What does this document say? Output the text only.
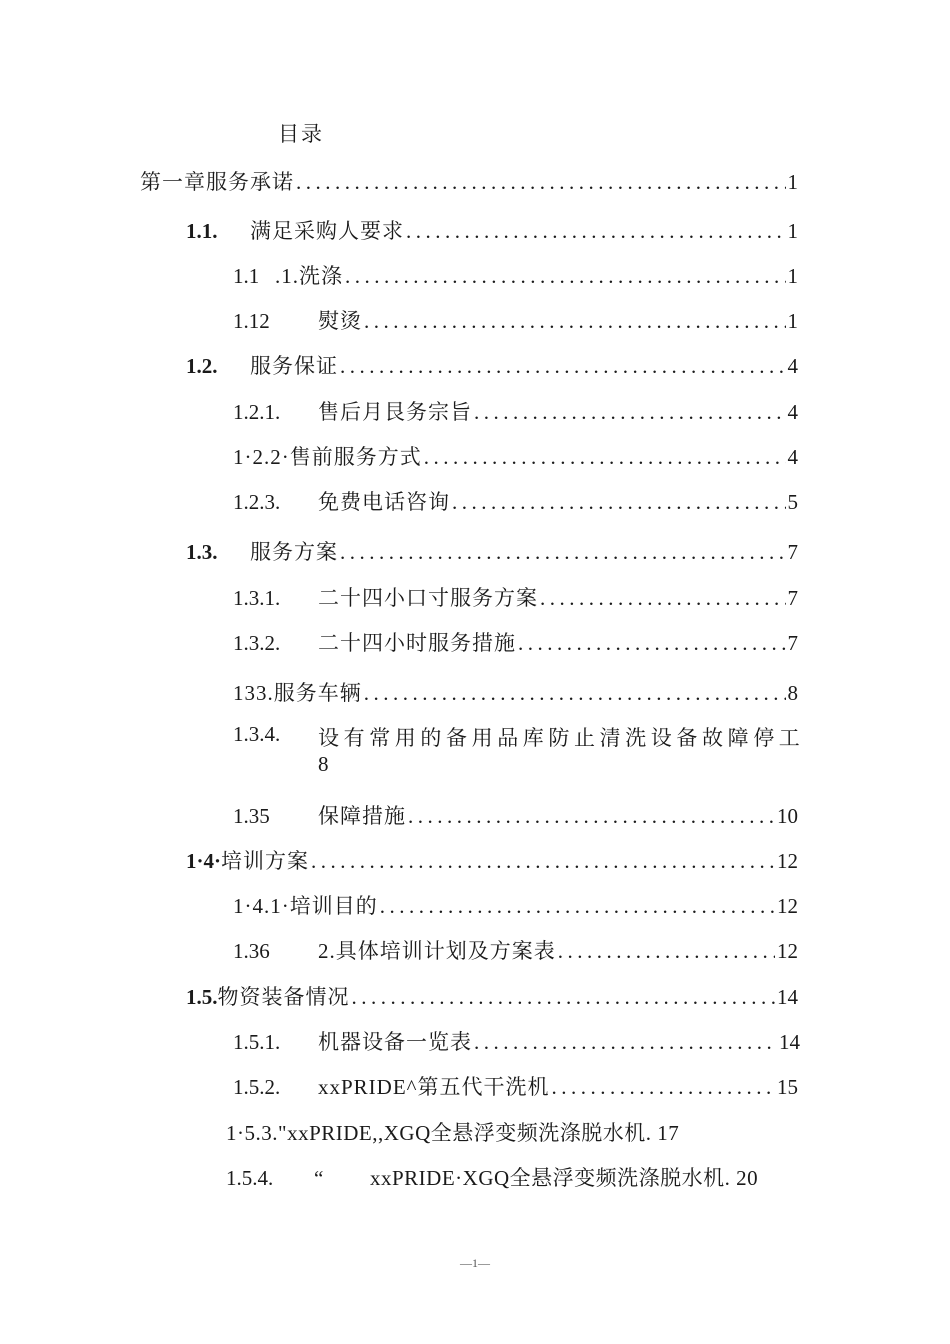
目录
第一章服务承诺 .....	1
1.1.	满足采购人要求 .....	1
1.1 .1.洗涤 .....	1
1.12	熨烫 .....	1
1.2.	服务保证 .....	4
1.2.1.	售后月艮务宗旨 .....	4
1·2.2·售前服务方式 .....	4
1.2.3.	免费电话咨询 .....	5
1.3.	服务方案 .....	7
1.3.1.	二十四小口寸服务方案 .....	7
1.3.2.	二十四小时服务措施 .....	7
133.服务车辆 .....	8
1.3.4. 设有常用的备用品库防止清洗设备故障停工
8
1.35	保障措施 .....	10
1·4· 培训方案 .....	12
1·4.1·培训目的 .....	12
1.36	2.具体培训计划及方案表 .....	12
1.5. 物资装备情况 .....	14
1.5.1.	机器设备一览表 .....	14
1.5.2.	xxPRIDE^第五代干洗机 .....	15
1·5.3."xxPRIDE,,XGQ全悬浮变频洗涤脱水机. 17
1.5.4.	“	xxPRIDE·XGQ全悬浮变频洗涤脱水机. 20
—1—
